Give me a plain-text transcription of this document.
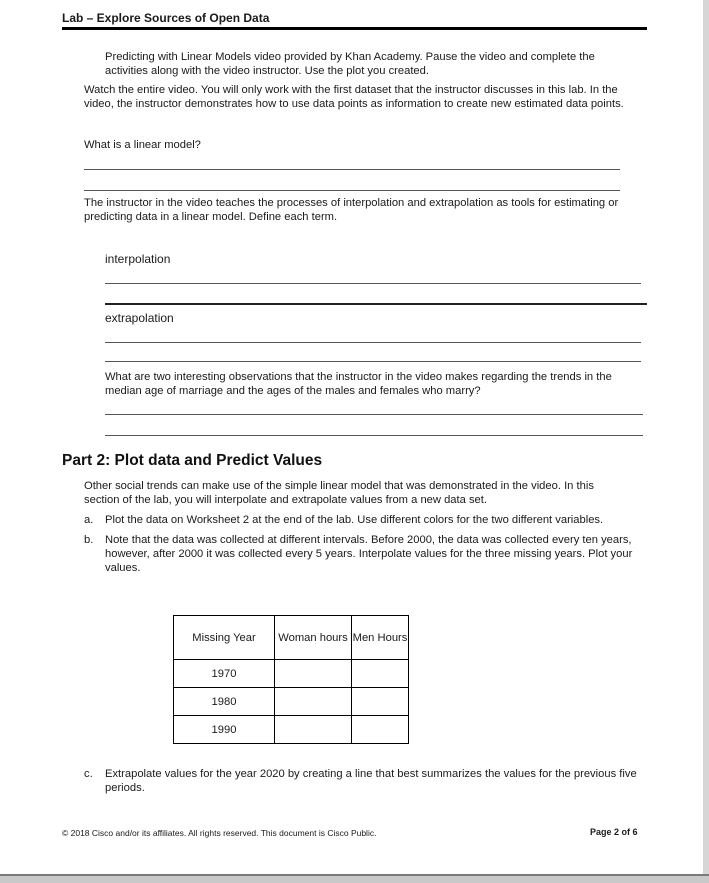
Lab – Explore Sources of Open Data
Predicting with Linear Models video provided by Khan Academy. Pause the video and complete the activities along with the video instructor. Use the plot you created.
Watch the entire video. You will only work with the first dataset that the instructor discusses in this lab. In the video, the instructor demonstrates how to use data points as information to create new estimated data points.
What is a linear model?
The instructor in the video teaches the processes of interpolation and extrapolation as tools for estimating or predicting data in a linear model. Define each term.
interpolation
extrapolation
What are two interesting observations that the instructor in the video makes regarding the trends in the median age of marriage and the ages of the males and females who marry?
Part 2: Plot data and Predict Values
Other social trends can make use of the simple linear model that was demonstrated in the video. In this section of the lab, you will interpolate and extrapolate values from a new data set.
a. Plot the data on Worksheet 2 at the end of the lab. Use different colors for the two different variables.
b. Note that the data was collected at different intervals. Before 2000, the data was collected every ten years, however, after 2000 it was collected every 5 years. Interpolate values for the three missing years. Plot your values.
Missing Year	Woman hours	Men Hours
1970		
1980		
1990		
c. Extrapolate values for the year 2020 by creating a line that best summarizes the values for the previous five periods.
© 2018 Cisco and/or its affiliates. All rights reserved. This document is Cisco Public.	Page 2 of 6
